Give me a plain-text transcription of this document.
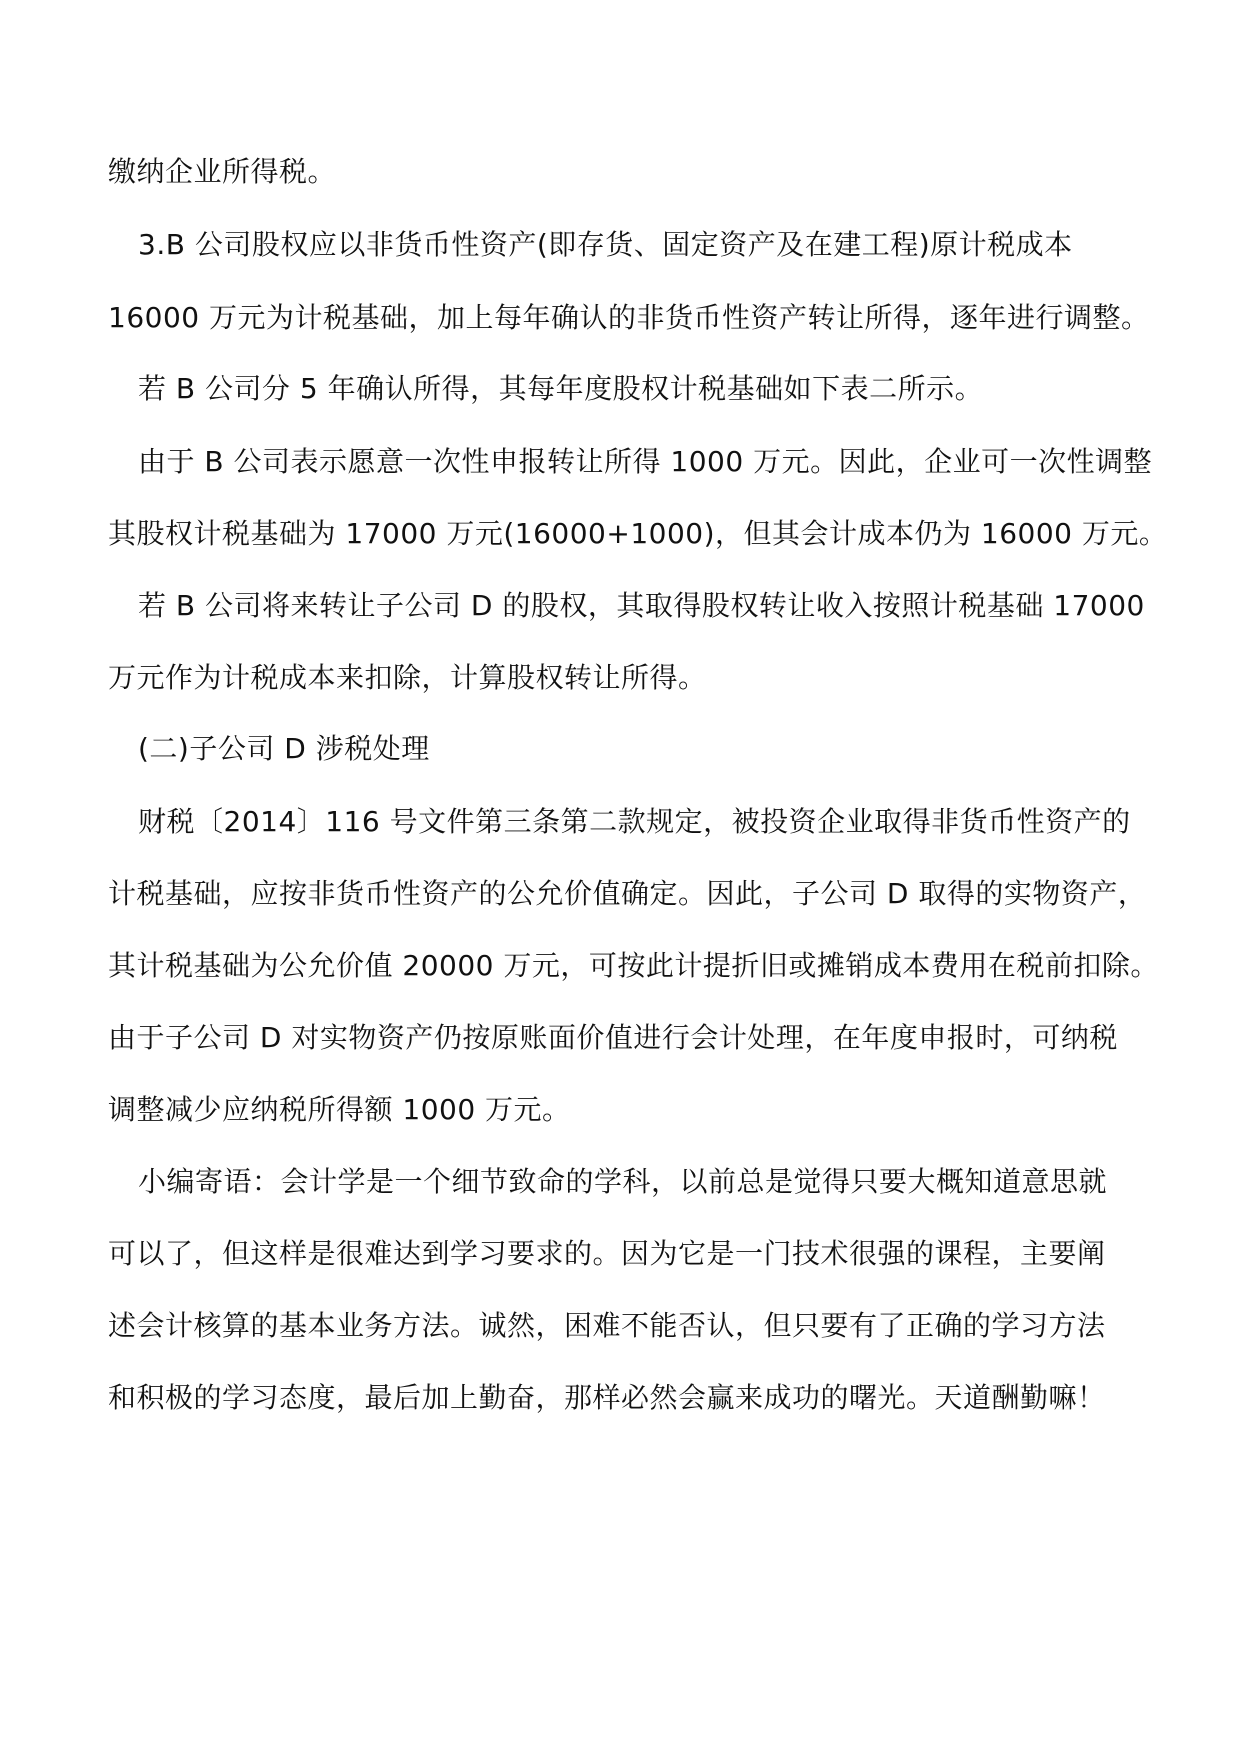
缴纳企业所得税。
3.B 公司股权应以非货币性资产(即存货、固定资产及在建工程)原计税成本
16000 万元为计税基础，加上每年确认的非货币性资产转让所得，逐年进行调整。
若 B 公司分 5 年确认所得，其每年度股权计税基础如下表二所示。
由于 B 公司表示愿意一次性申报转让所得 1000 万元。因此，企业可一次性调整
其股权计税基础为 17000 万元(16000+1000)，但其会计成本仍为 16000 万元。
若 B 公司将来转让子公司 D 的股权，其取得股权转让收入按照计税基础 17000
万元作为计税成本来扣除，计算股权转让所得。
(二)子公司 D 涉税处理
财税〔2014〕116 号文件第三条第二款规定，被投资企业取得非货币性资产的
计税基础，应按非货币性资产的公允价值确定。因此，子公司 D 取得的实物资产，
其计税基础为公允价值 20000 万元，可按此计提折旧或摊销成本费用在税前扣除。
由于子公司 D 对实物资产仍按原账面价值进行会计处理，在年度申报时，可纳税
调整减少应纳税所得额 1000 万元。
小编寄语：会计学是一个细节致命的学科，以前总是觉得只要大概知道意思就
可以了，但这样是很难达到学习要求的。因为它是一门技术很强的课程，主要阐
述会计核算的基本业务方法。诚然，困难不能否认，但只要有了正确的学习方法
和积极的学习态度，最后加上勤奋，那样必然会赢来成功的曙光。天道酬勤嘛！
